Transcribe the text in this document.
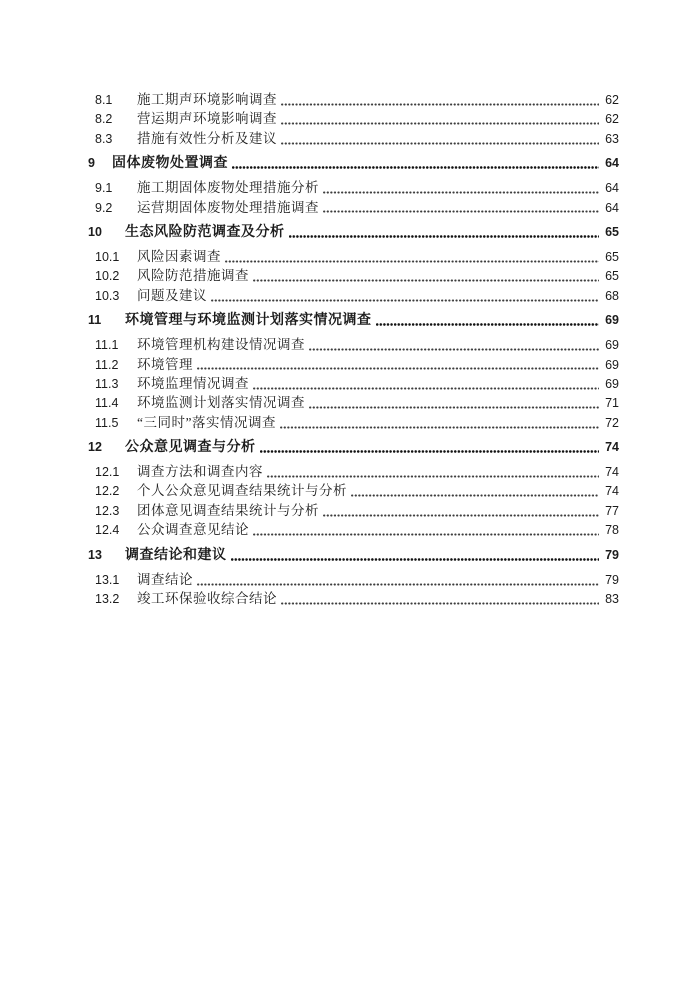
8.1	施工期声环境影响调查	62
8.2	营运期声环境影响调查	62
8.3	措施有效性分析及建议	63
9	固体废物处置调查	64
9.1	施工期固体废物处理措施分析	64
9.2	运营期固体废物处理措施调查	64
10	生态风险防范调查及分析	65
10.1	风险因素调查	65
10.2	风险防范措施调查	65
10.3	问题及建议	68
11	环境管理与环境监测计划落实情况调查	69
11.1	环境管理机构建设情况调查	69
11.2	环境管理	69
11.3	环境监理情况调查	69
11.4	环境监测计划落实情况调查	71
11.5	“三同时”落实情况调查	72
12	公众意见调查与分析	74
12.1	调查方法和调查内容	74
12.2	个人公众意见调查结果统计与分析	74
12.3	团体意见调查结果统计与分析	77
12.4	公众调查意见结论	78
13	调查结论和建议	79
13.1	调查结论	79
13.2	竣工环保验收综合结论	83
